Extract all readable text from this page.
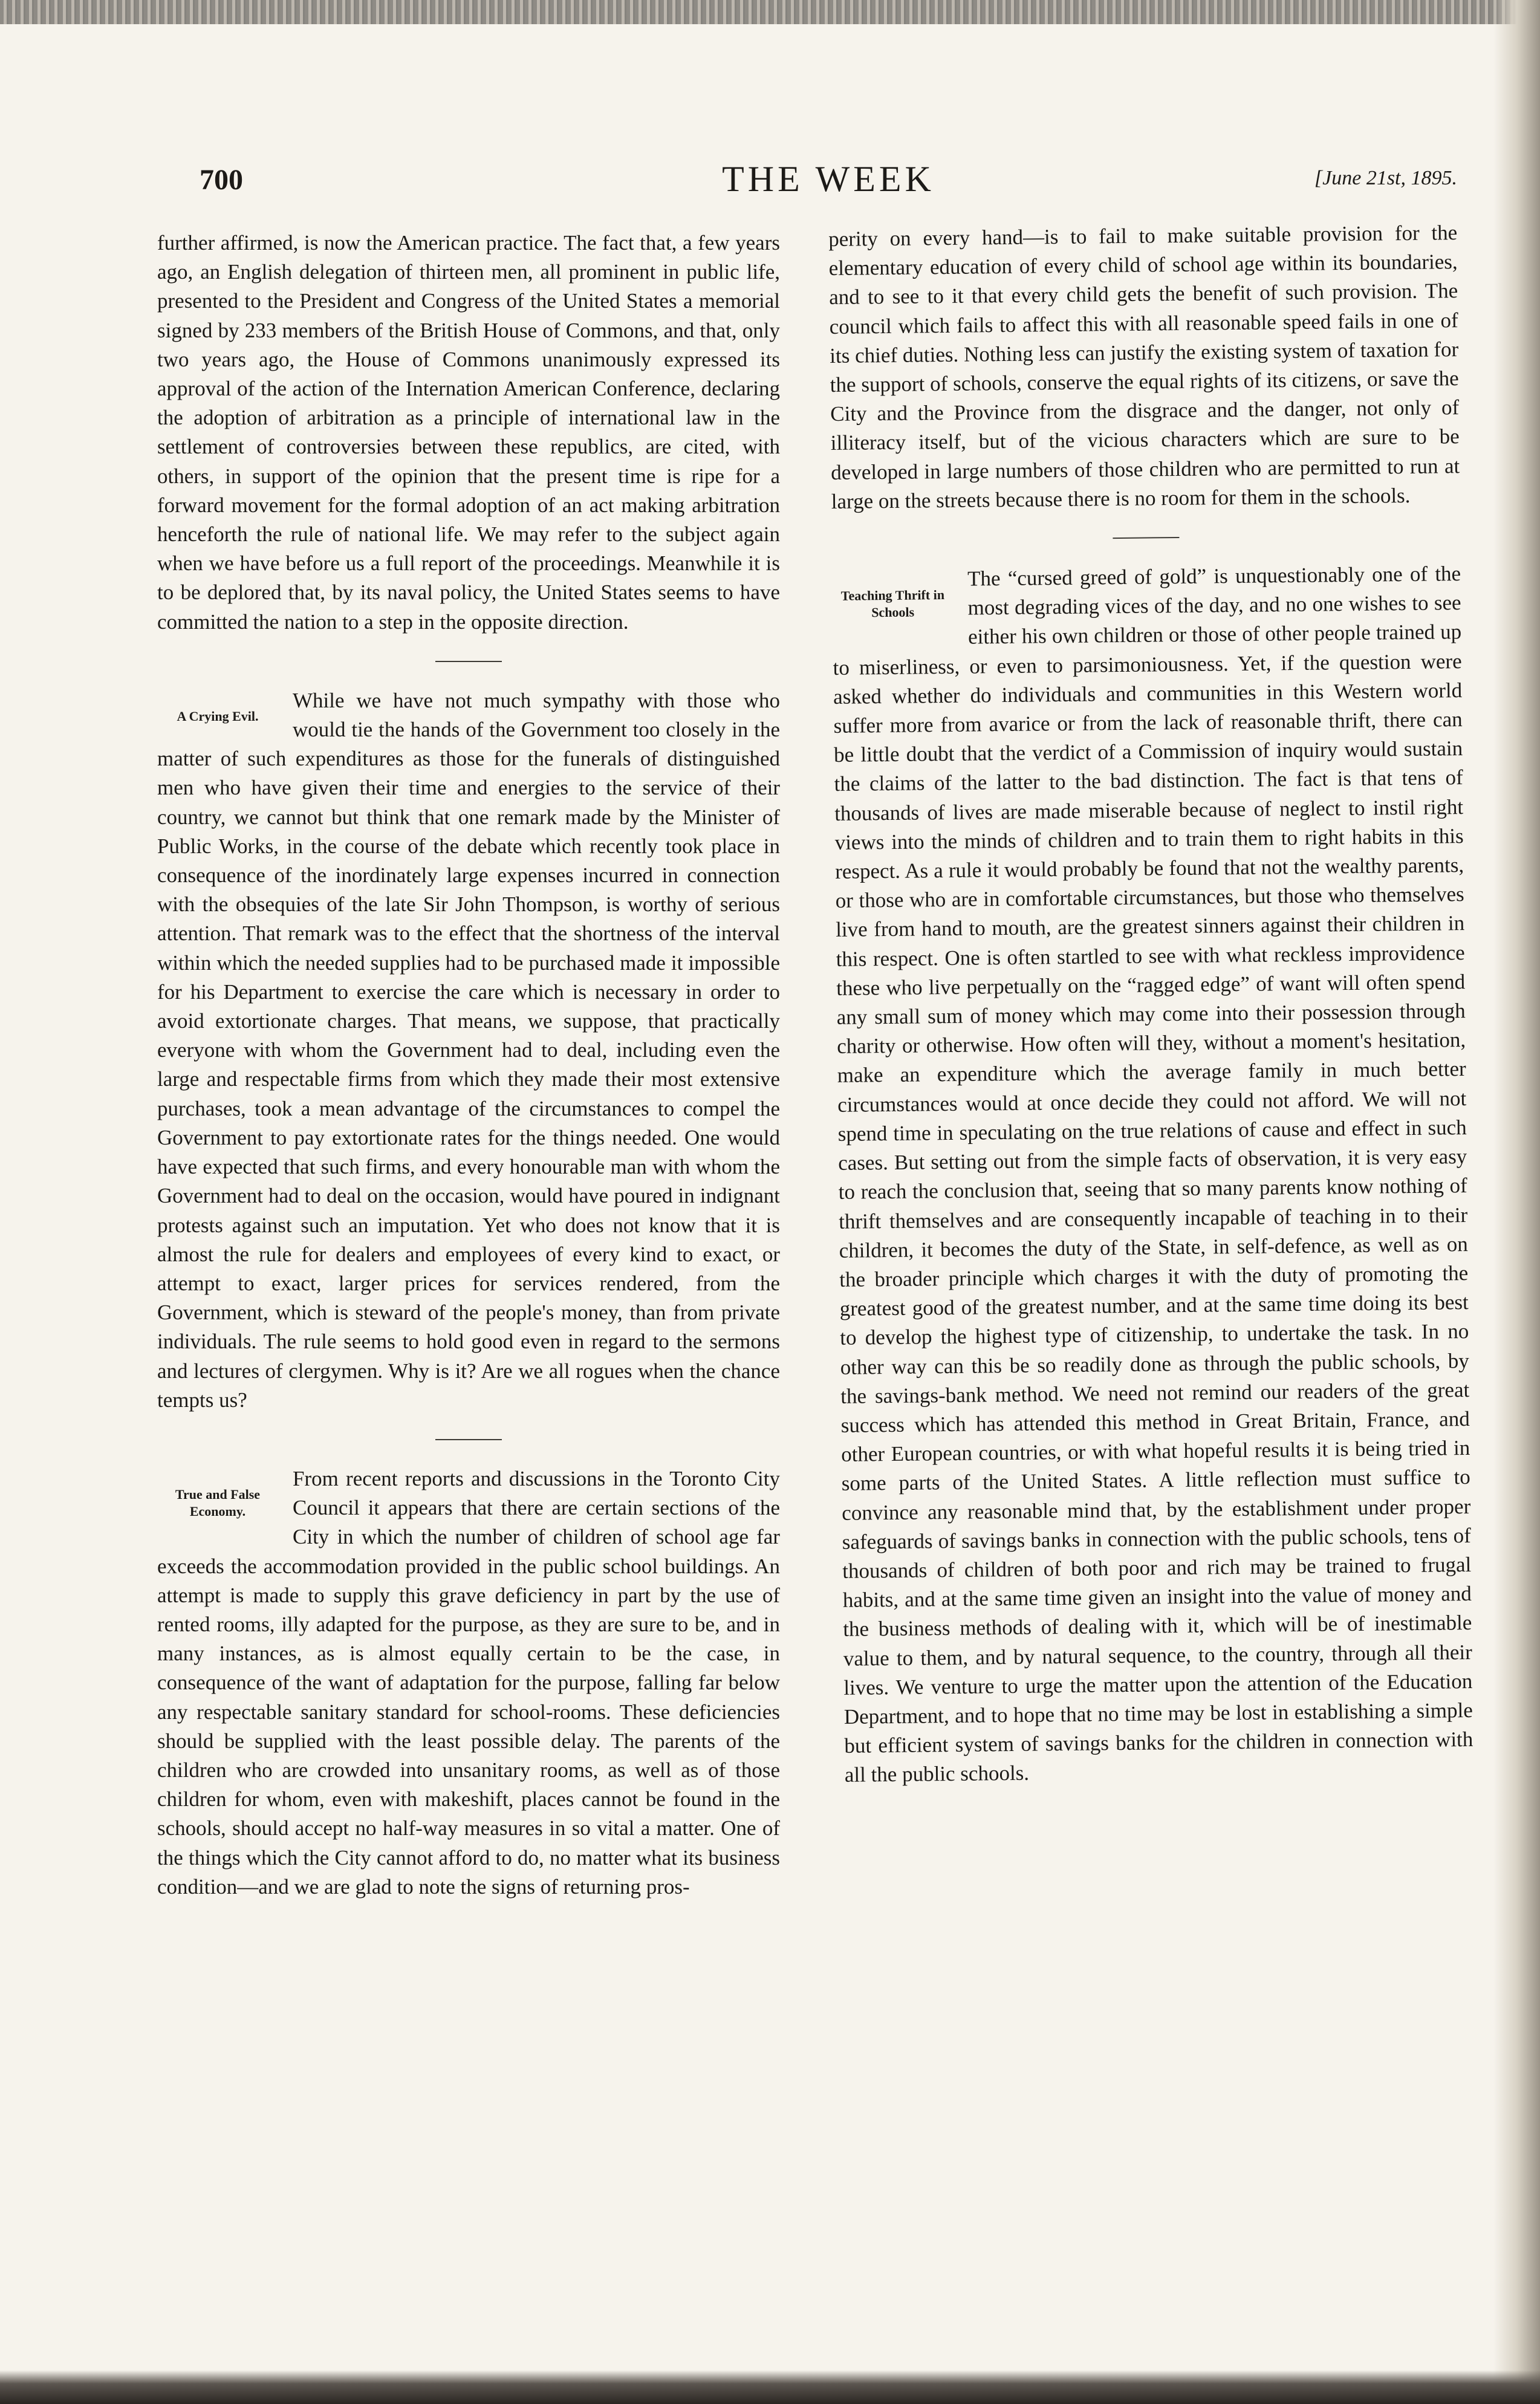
700	THE WEEK	[June 21st, 1895.

further affirmed, is now the American practice. The fact that, a few years ago, an English delegation of thirteen men, all prominent in public life, presented to the President and Congress of the United States a memorial signed by 233 members of the British House of Commons, and that, only two years ago, the House of Commons unanimously expressed its approval of the action of the Internation American Conference, declaring the adoption of arbitration as a principle of international law in the settlement of controversies between these republics, are cited, with others, in support of the opinion that the present time is ripe for a forward movement for the formal adoption of an act making arbitration henceforth the rule of national life. We may refer to the subject again when we have before us a full report of the proceedings. Meanwhile it is to be deplored that, by its naval policy, the United States seems to have committed the nation to a step in the opposite direction.

A Crying Evil.

While we have not much sympathy with those who would tie the hands of the Government too closely in the matter of such expenditures as those for the funerals of distinguished men who have given their time and energies to the service of their country, we cannot but think that one remark made by the Minister of Public Works, in the course of the debate which recently took place in consequence of the inordinately large expenses incurred in connection with the obsequies of the late Sir John Thompson, is worthy of serious attention. That remark was to the effect that the shortness of the interval within which the needed supplies had to be purchased made it impossible for his Department to exercise the care which is necessary in order to avoid extortionate charges. That means, we suppose, that practically everyone with whom the Government had to deal, including even the large and respectable firms from which they made their most extensive purchases, took a mean advantage of the circumstances to compel the Government to pay extortionate rates for the things needed. One would have expected that such firms, and every honourable man with whom the Government had to deal on the occasion, would have poured in indignant protests against such an imputation. Yet who does not know that it is almost the rule for dealers and employees of every kind to exact, or attempt to exact, larger prices for services rendered, from the Government, which is steward of the people's money, than from private individuals. The rule seems to hold good even in regard to the sermons and lectures of clergymen. Why is it? Are we all rogues when the chance tempts us?

True and False Economy.

From recent reports and discussions in the Toronto City Council it appears that there are certain sections of the City in which the number of children of school age far exceeds the accommodation provided in the public school buildings. An attempt is made to supply this grave deficiency in part by the use of rented rooms, illy adapted for the purpose, as they are sure to be, and in many instances, as is almost equally certain to be the case, in consequence of the want of adaptation for the purpose, falling far below any respectable sanitary standard for school-rooms. These deficiencies should be supplied with the least possible delay. The parents of the children who are crowded into unsanitary rooms, as well as of those children for whom, even with makeshift, places cannot be found in the schools, should accept no half-way measures in so vital a matter. One of the things which the City cannot afford to do, no matter what its business condition—and we are glad to note the signs of returning pros-

perity on every hand—is to fail to make suitable provision for the elementary education of every child of school age within its boundaries, and to see to it that every child gets the benefit of such provision. The council which fails to affect this with all reasonable speed fails in one of its chief duties. Nothing less can justify the existing system of taxation for the support of schools, conserve the equal rights of its citizens, or save the City and the Province from the disgrace and the danger, not only of illiteracy itself, but of the vicious characters which are sure to be developed in large numbers of those children who are permitted to run at large on the streets because there is no room for them in the schools.

Teaching Thrift in Schools

The “cursed greed of gold” is unquestionably one of the most degrading vices of the day, and no one wishes to see either his own children or those of other people trained up to miserliness, or even to parsimoniousness. Yet, if the question were asked whether do individuals and communities in this Western world suffer more from avarice or from the lack of reasonable thrift, there can be little doubt that the verdict of a Commission of inquiry would sustain the claims of the latter to the bad distinction. The fact is that tens of thousands of lives are made miserable because of neglect to instil right views into the minds of children and to train them to right habits in this respect. As a rule it would probably be found that not the wealthy parents, or those who are in comfortable circumstances, but those who themselves live from hand to mouth, are the greatest sinners against their children in this respect. One is often startled to see with what reckless improvidence these who live perpetually on the “ragged edge” of want will often spend any small sum of money which may come into their possession through charity or otherwise. How often will they, without a moment's hesitation, make an expenditure which the average family in much better circumstances would at once decide they could not afford. We will not spend time in speculating on the true relations of cause and effect in such cases. But setting out from the simple facts of observation, it is very easy to reach the conclusion that, seeing that so many parents know nothing of thrift themselves and are consequently incapable of teaching in to their children, it becomes the duty of the State, in self-defence, as well as on the broader principle which charges it with the duty of promoting the greatest good of the greatest number, and at the same time doing its best to develop the highest type of citizenship, to undertake the task. In no other way can this be so readily done as through the public schools, by the savings-bank method. We need not remind our readers of the great success which has attended this method in Great Britain, France, and other European countries, or with what hopeful results it is being tried in some parts of the United States. A little reflection must suffice to convince any reasonable mind that, by the establishment under proper safeguards of savings banks in connection with the public schools, tens of thousands of children of both poor and rich may be trained to frugal habits, and at the same time given an insight into the value of money and the business methods of dealing with it, which will be of inestimable value to them, and by natural sequence, to the country, through all their lives. We venture to urge the matter upon the attention of the Education Department, and to hope that no time may be lost in establishing a simple but efficient system of savings banks for the children in connection with all the public schools.
